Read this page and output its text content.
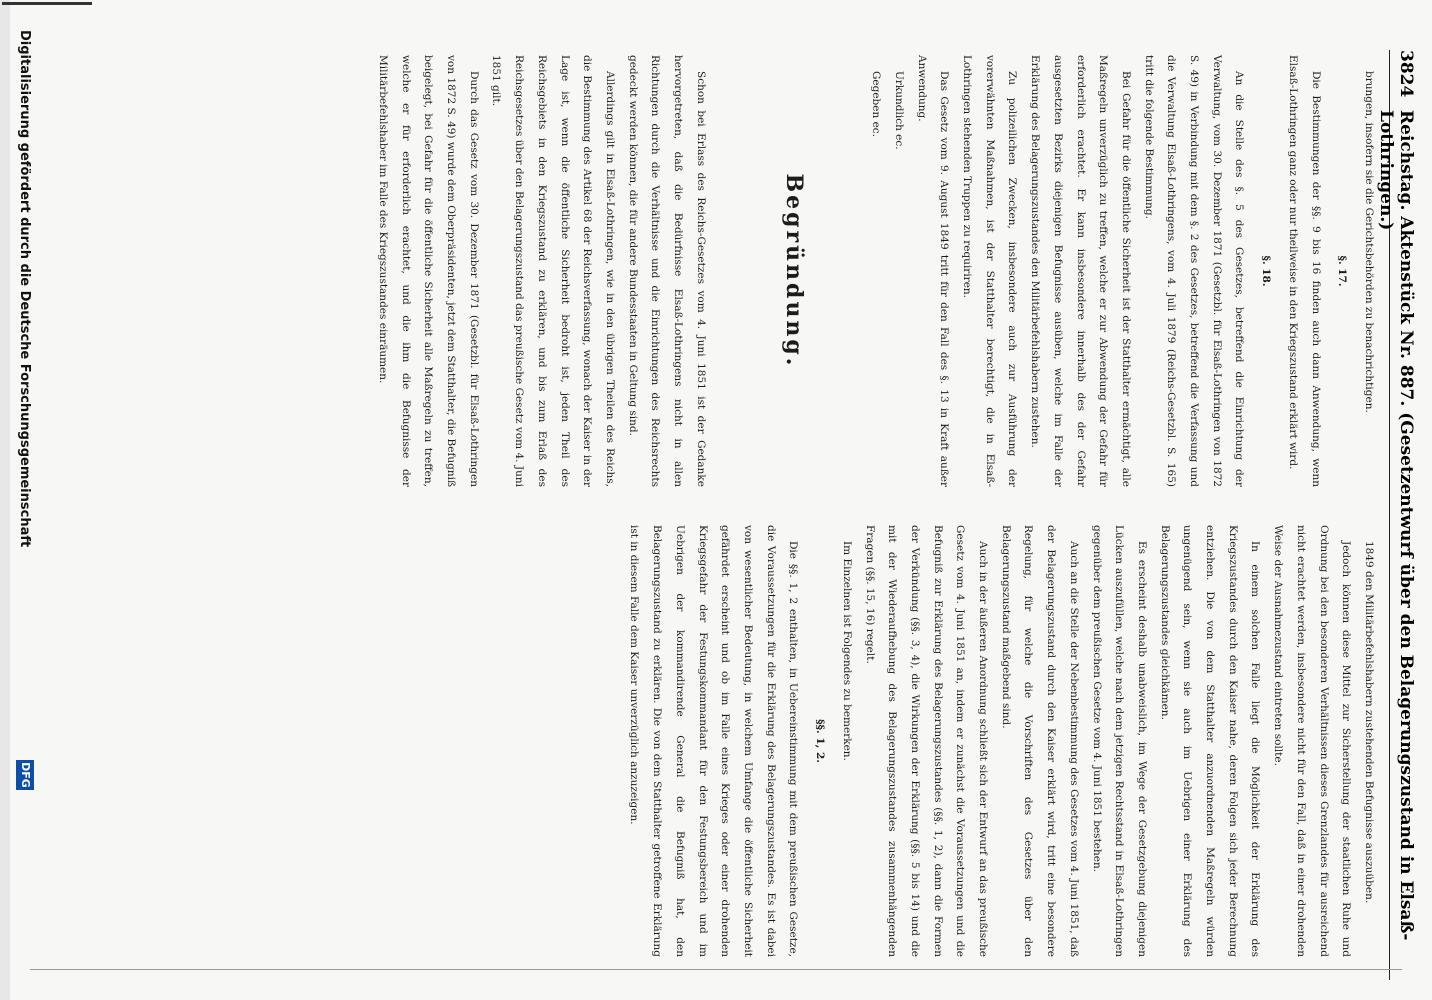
3824
Reichstag. Aktenstück Nr. 887. (Gesetzentwurf über den Belagerungszustand in Elsaß-Lothringen.)
brungen, insofern sie die Gerichtsbehörden zu benachrichtigen.
§. 17.
Die Bestimmungen der §§. 9 bis 16 finden auch dann Anwendung, wenn Elsaß-Lothringen ganz oder nur theilweise in den Kriegszustand erklärt wird.
§. 18.
An die Stelle des §. 5 des Gesetzes, betreffend die Einrichtung der Verwaltung, vom 30. Dezember 1871 (Gesetzbl. für Elsaß-Lothringen von 1872 S. 49) in Verbindung mit dem §. 2 des Gesetzes, betreffend die Verfassung und die Verwaltung Elsaß-Lothringens, vom 4. Juli 1879 (Reichs-Gesetzbl. S. 165) tritt die folgende Bestimmung.
Bei Gefahr für die öffentliche Sicherheit ist der Statthalter ermächtigt, alle Maßregeln unverzüglich zu treffen, welche er zur Abwendung der Gefahr für erforderlich erachtet. Er kann insbesondere innerhalb des der Gefahr ausgesetzten Bezirks diejenigen Befugnisse ausüben, welche im Falle der Erklärung des Belagerungszustandes den Militärbefehlshabern zustehen.
Zu polizeilichen Zwecken, insbesondere auch zur Ausführung der vorerwähnten Maßnahmen, ist der Statthalter berechtigt, die in Elsaß-Lothringen stehenden Truppen zu requiriren.
Das Gesetz vom 9. August 1849 tritt für den Fall des §. 13 in Kraft außer Anwendung.
Urkundlich ec.
Gegeben ec.
Begründung.
Schon bei Erlass des Reichs-Gesetzes vom 4. Juni 1851 ist der Gedanke hervorgetreten, daß die Bedürfnisse Elsaß-Lothringens nicht in allen Richtungen durch die Verhältnisse und die Einrichtungen des Reichsrechts gedeckt werden können, die für andere Bundesstaaten in Geltung sind.
Allerdings gilt in Elsaß-Lothringen, wie in den übrigen Theilen des Reichs, die Bestimmung des Artikel 68 der Reichsverfassung, wonach der Kaiser in der Lage ist, wenn die öffentliche Sicherheit bedroht ist, jeden Theil des Reichsgebiets in den Kriegszustand zu erklären, und bis zum Erlaß des Reichsgesetzes über den Belagerungszustand das preußische Gesetz vom 4. Juni 1851 gilt.
Durch das Gesetz vom 30. Dezember 1871 (Gesetzbl. für Elsaß-Lothringen von 1872 S. 49) wurde dem Oberpräsidenten, jetzt dem Statthalter, die Befugniß beigelegt, bei Gefahr für die öffentliche Sicherheit alle Maßregeln zu treffen, welche er für erforderlich erachtet, und die ihm die Befugnisse der Militärbefehlshaber im Falle des Kriegszustandes einräumen.
1849 den Militärbefehlshabern zustehenden Befugnisse auszuüben.
Jedoch können diese Mittel zur Sicherstellung der staatlichen Ruhe und Ordnung bei den besonderen Verhältnissen dieses Grenzlandes für ausreichend nicht erachtet werden, insbesondere nicht für den Fall, daß in einer drohenden Weise der Ausnahmezustand eintreten sollte.
In einem solchen Falle liegt die Möglichkeit der Erklärung des Kriegszustandes durch den Kaiser nahe, deren Folgen sich jeder Berechnung entziehen. Die von dem Statthalter anzuordnenden Maßregeln würden ungenügend sein, wenn sie auch im Uebrigen einer Erklärung des Belagerungszustandes gleichkämen.
Es erscheint deshalb unabweislich, im Wege der Gesetzgebung diejenigen Lücken auszufüllen, welche nach dem jetzigen Rechtsstand in Elsaß-Lothringen gegenüber dem preußischen Gesetze vom 4. Juni 1851 bestehen.
Auch an die Stelle der Nebenbestimmung des Gesetzes vom 4. Juni 1851, daß der Belagerungszustand durch den Kaiser erklärt wird, tritt eine besondere Regelung, für welche die Vorschriften des Gesetzes über den Belagerungszustand maßgebend sind.
Auch in der äußeren Anordnung schließt sich der Entwurf an das preußische Gesetz vom 4. Juni 1851 an, indem er zunächst die Voraussetzungen und die Befugniß zur Erklärung des Belagerungszustandes (§§. 1, 2), dann die Formen der Verkündung (§§. 3, 4), die Wirkungen der Erklärung (§§. 5 bis 14) und die mit der Wiederaufhebung des Belagerungszustandes zusammenhängenden Fragen (§§. 15, 16) regelt.
Im Einzelnen ist Folgendes zu bemerken.
§§. 1, 2.
Die §§. 1, 2 enthalten, in Uebereinstimmung mit dem preußischen Gesetze, die Voraussetzungen für die Erklärung des Belagerungszustandes. Es ist dabei von wesentlicher Bedeutung, in welchem Umfange die öffentliche Sicherheit gefährdet erscheint und ob im Falle eines Krieges oder einer drohenden Kriegsgefahr der Festungskommandant für den Festungsbereich und im Uebrigen der kommandirende General die Befugniß hat, den Belagerungszustand zu erklären. Die von dem Statthalter getroffene Erklärung ist in diesem Falle dem Kaiser unverzüglich anzuzeigen.
Digitalisierung gefördert durch die Deutsche Forschungsgemeinschaft
DFG
